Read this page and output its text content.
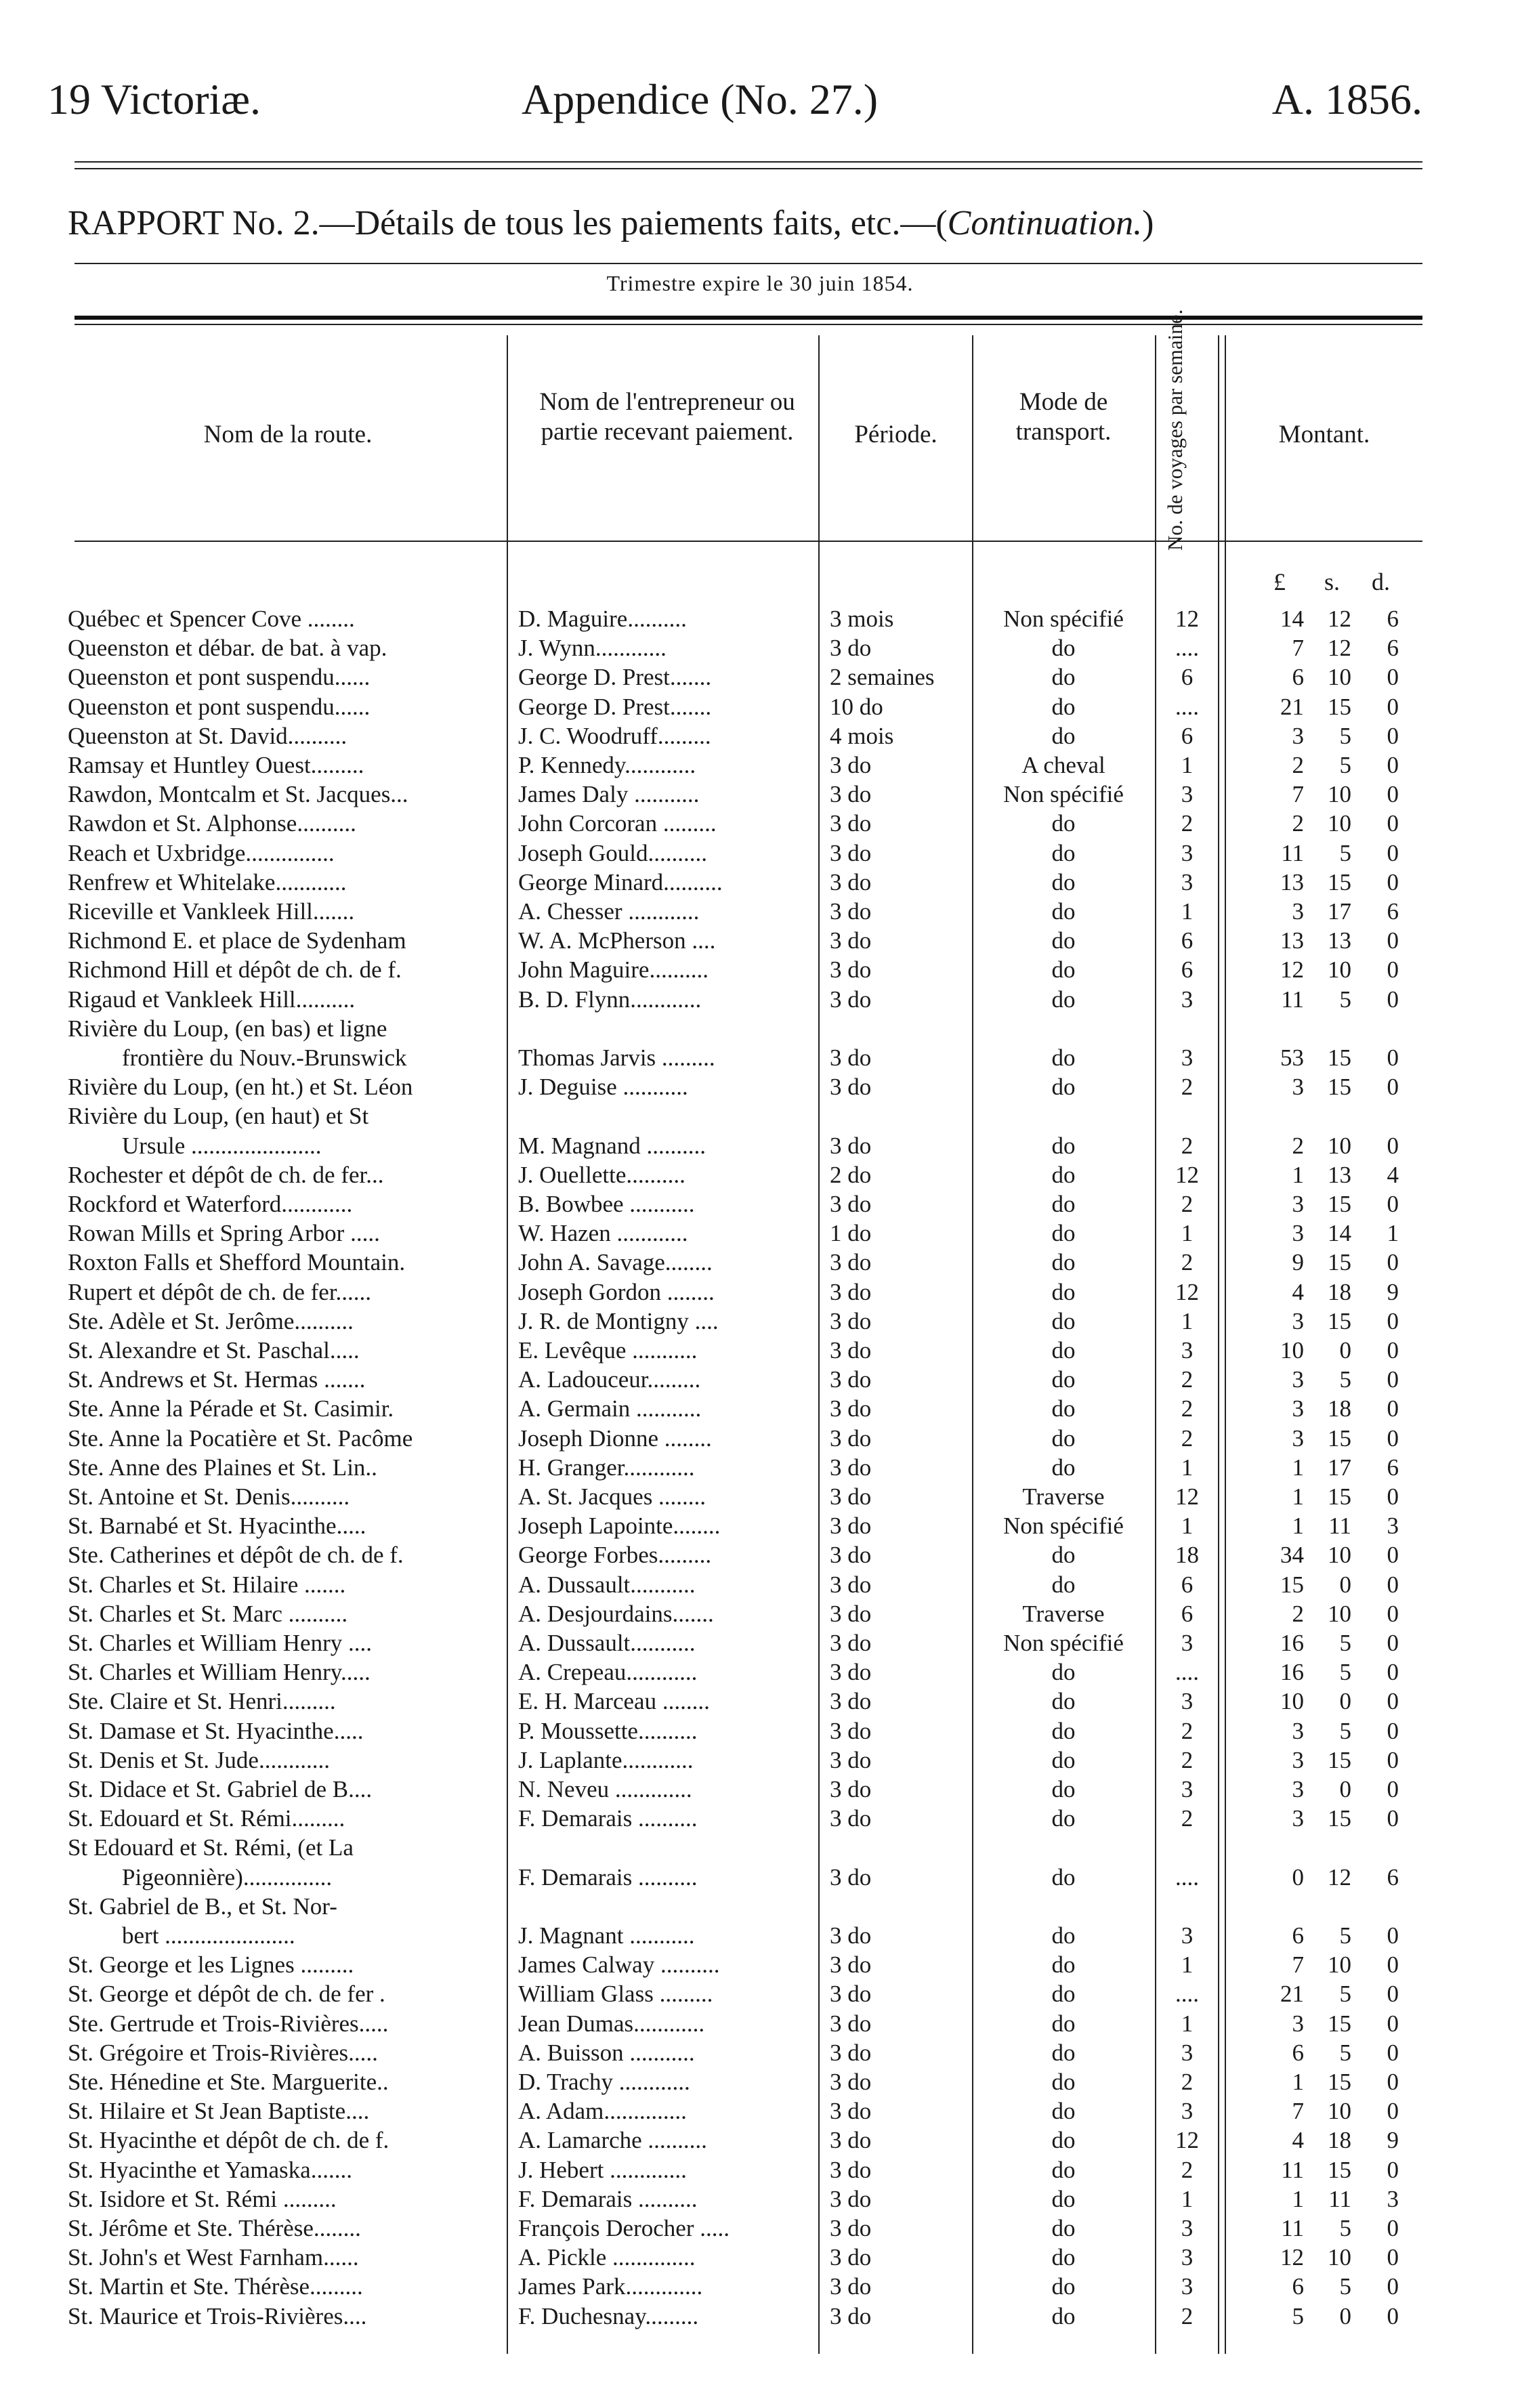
19 Victoriæ.	Appendice (No. 27.)	A. 1856.
RAPPORT No. 2.—Détails de tous les paiements faits, etc.—(Continuation.)
Trimestre expire le 30 juin 1854.
Nom de la route.
Nom de l'entrepreneur ou partie recevant paiement.	Période.
Mode de transport.	No. de voyages par semaine.	Montant.
£ s. d.
Québec et Spencer Cove ........	D. Maguire..........	3 mois	Non spécifié	12	14	12	6
Queenston et débar. de bat. à vap.	J. Wynn............	3 do	do	....	7	12	6
Queenston et pont suspendu......	George D. Prest.......	2 semaines	do	6	6	10	0
Queenston et pont suspendu......	George D. Prest.......	10 do	do	....	21	15	0
Queenston at St. David..........	J. C. Woodruff.........	4 mois	do	6	3	5	0
Ramsay et Huntley Ouest.........	P. Kennedy............	3 do	A cheval	1	2	5	0
Rawdon, Montcalm et St. Jacques...	James Daly ...........	3 do	Non spécifié	3	7	10	0
Rawdon et St. Alphonse..........	John Corcoran .........	3 do	do	2	2	10	0
Reach et Uxbridge...............	Joseph Gould..........	3 do	do	3	11	5	0
Renfrew et Whitelake............	George Minard..........	3 do	do	3	13	15	0
Riceville et Vankleek Hill.......	A. Chesser ............	3 do	do	1	3	17	6
Richmond E. et place de Sydenham	W. A. McPherson ....	3 do	do	6	13	13	0
Richmond Hill et dépôt de ch. de f.	John Maguire..........	3 do	do	6	12	10	0
Rigaud et Vankleek Hill..........	B. D. Flynn............	3 do	do	3	11	5	0
Rivière du Loup, (en bas) et ligne
frontière du Nouv.-Brunswick	Thomas Jarvis .........	3 do	do	3	53	15	0
Rivière du Loup, (en ht.) et St. Léon	J. Deguise ...........	3 do	do	2	3	15	0
Rivière du Loup, (en haut) et St
Ursule ......................	M. Magnand ..........	3 do	do	2	2	10	0
Rochester et dépôt de ch. de fer...	J. Ouellette..........	2 do	do	12	1	13	4
Rockford et Waterford............	B. Bowbee ...........	3 do	do	2	3	15	0
Rowan Mills et Spring Arbor .....	W. Hazen ............	1 do	do	1	3	14	1
Roxton Falls et Shefford Mountain.	John A. Savage........	3 do	do	2	9	15	0
Rupert et dépôt de ch. de fer......	Joseph Gordon ........	3 do	do	12	4	18	9
Ste. Adèle et St. Jerôme..........	J. R. de Montigny ....	3 do	do	1	3	15	0
St. Alexandre et St. Paschal.....	E. Levêque ...........	3 do	do	3	10	0	0
St. Andrews et St. Hermas .......	A. Ladouceur.........	3 do	do	2	3	5	0
Ste. Anne la Pérade et St. Casimir.	A. Germain ...........	3 do	do	2	3	18	0
Ste. Anne la Pocatière et St. Pacôme	Joseph Dionne ........	3 do	do	2	3	15	0
Ste. Anne des Plaines et St. Lin..	H. Granger............	3 do	do	1	1	17	6
St. Antoine et St. Denis..........	A. St. Jacques ........	3 do	Traverse	12	1	15	0
St. Barnabé et St. Hyacinthe.....	Joseph Lapointe........	3 do	Non spécifié	1	1	11	3
Ste. Catherines et dépôt de ch. de f.	George Forbes.........	3 do	do	18	34	10	0
St. Charles et St. Hilaire .......	A. Dussault...........	3 do	do	6	15	0	0
St. Charles et St. Marc ..........	A. Desjourdains.......	3 do	Traverse	6	2	10	0
St. Charles et William Henry ....	A. Dussault...........	3 do	Non spécifié	3	16	5	0
St. Charles et William Henry.....	A. Crepeau............	3 do	do	....	16	5	0
Ste. Claire et St. Henri.........	E. H. Marceau ........	3 do	do	3	10	0	0
St. Damase et St. Hyacinthe.....	P. Moussette..........	3 do	do	2	3	5	0
St. Denis et St. Jude............	J. Laplante............	3 do	do	2	3	15	0
St. Didace et St. Gabriel de B....	N. Neveu .............	3 do	do	3	3	0	0
St. Edouard et St. Rémi.........	F. Demarais ..........	3 do	do	2	3	15	0
St Edouard et St. Rémi, (et La
Pigeonnière)...............	F. Demarais ..........	3 do	do	....	0	12	6
St. Gabriel de B., et St. Nor-
bert ......................	J. Magnant ...........	3 do	do	3	6	5	0
St. George et les Lignes .........	James Calway ..........	3 do	do	1	7	10	0
St. George et dépôt de ch. de fer .	William Glass .........	3 do	do	....	21	5	0
Ste. Gertrude et Trois-Rivières.....	Jean Dumas............	3 do	do	1	3	15	0
St. Grégoire et Trois-Rivières.....	A. Buisson ...........	3 do	do	3	6	5	0
Ste. Hénedine et Ste. Marguerite..	D. Trachy ............	3 do	do	2	1	15	0
St. Hilaire et St Jean Baptiste....	A. Adam..............	3 do	do	3	7	10	0
St. Hyacinthe et dépôt de ch. de f.	A. Lamarche ..........	3 do	do	12	4	18	9
St. Hyacinthe et Yamaska.......	J. Hebert .............	3 do	do	2	11	15	0
St. Isidore et St. Rémi .........	F. Demarais ..........	3 do	do	1	1	11	3
St. Jérôme et Ste. Thérèse........	François Derocher .....	3 do	do	3	11	5	0
St. John's et West Farnham......	A. Pickle ..............	3 do	do	3	12	10	0
St. Martin et Ste. Thérèse.........	James Park.............	3 do	do	3	6	5	0
St. Maurice et Trois-Rivières....	F. Duchesnay.........	3 do	do	2	5	0	0
